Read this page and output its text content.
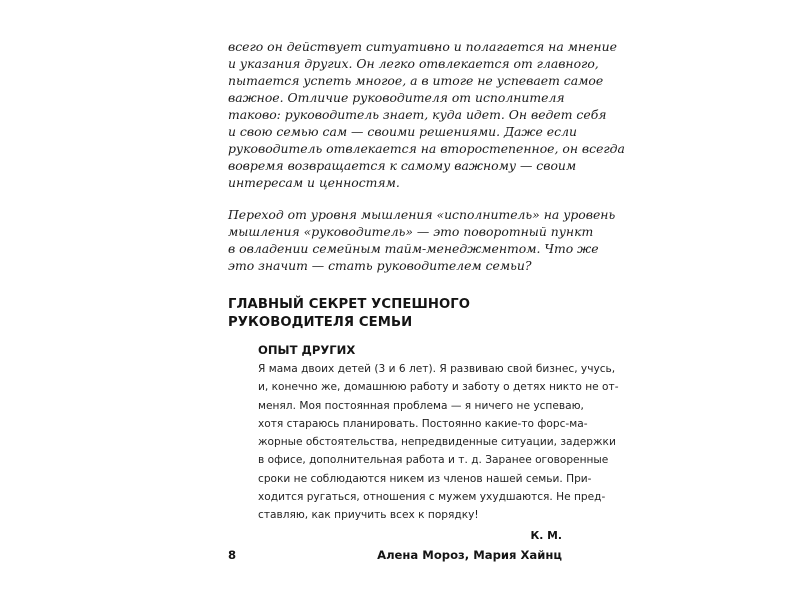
всего он действует ситуативно и полагается на мнение
и указания других. Он легко отвлекается от главного,
пытается успеть многое, а в итоге не успевает самое
важное. Отличие руководителя от исполнителя
таково: руководитель знает, куда идет. Он ведет себя
и свою семью сам — своими решениями. Даже если
руководитель отвлекается на второстепенное, он всегда
вовремя возвращается к самому важному — своим
интересам и ценностям.

Переход от уровня мышления «исполнитель» на уровень
мышления «руководитель» — это поворотный пункт
в овладении семейным тайм-менеджментом. Что же
это значит — стать руководителем семьи?

ГЛАВНЫЙ СЕКРЕТ УСПЕШНОГО
РУКОВОДИТЕЛЯ СЕМЬИ
ОПЫТ ДРУГИХ

Я мама двоих детей (3 и 6 лет). Я развиваю свой бизнес, учусь,
и, конечно же, домашнюю работу и заботу о детях никто не от-
менял. Моя постоянная проблема — я ничего не успеваю,
хотя стараюсь планировать. Постоянно какие-то форс-ма-
жорные обстоятельства, непредвиденные ситуации, задержки
в офисе, дополнительная работа и т. д. Заранее оговоренные
сроки не соблюдаются никем из членов нашей семьи. При-
ходится ругаться, отношения с мужем ухудшаются. Не пред-
ставляю, как приучить всех к порядку!

К. М.

8	Алена Мороз, Мария Хайнц
